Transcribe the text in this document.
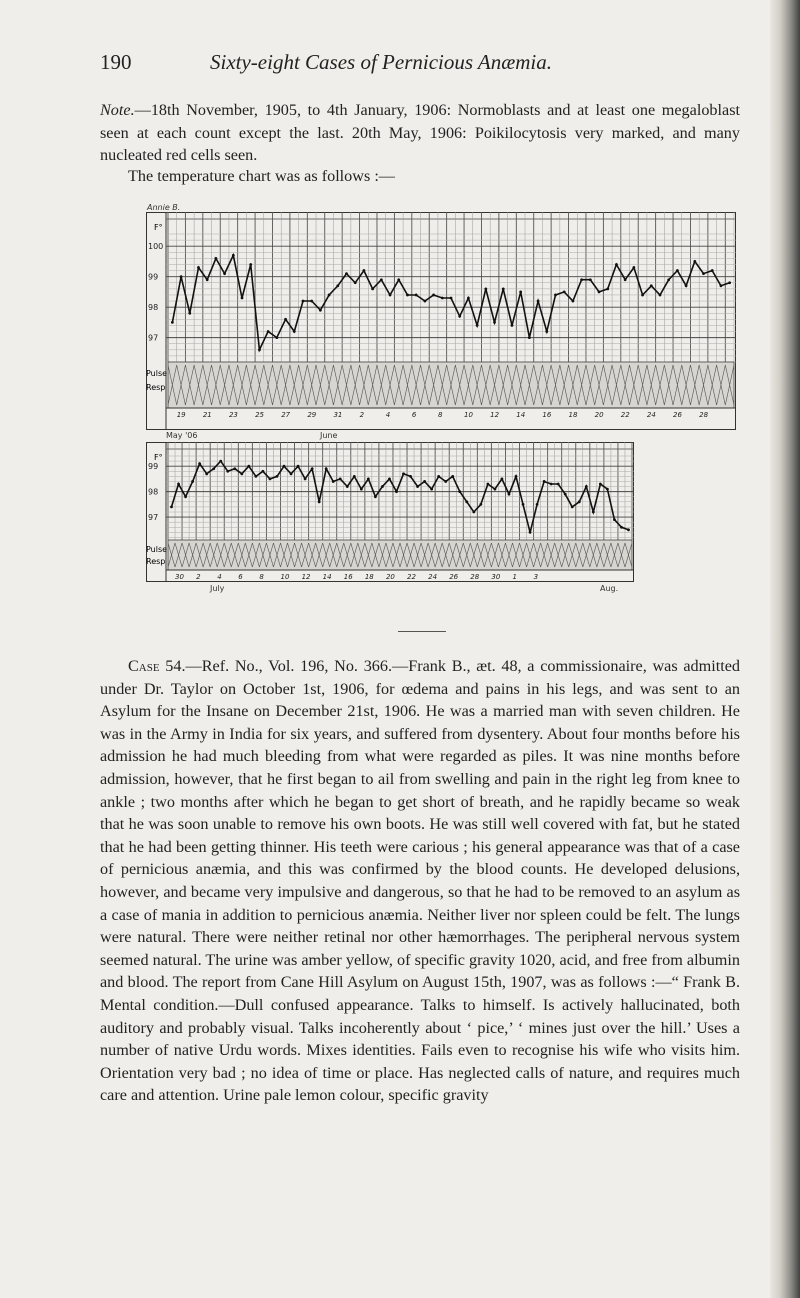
190	Sixty-eight Cases of Pernicious Anæmia.

Note.—18th November, 1905, to 4th January, 1906: Normoblasts and at least one megaloblast seen at each count except the last. 20th May, 1906: Poikilocytosis very marked, and many nucleated red cells seen.

The temperature chart was as follows :—
Annie B.
F°
Pulse
Resp
100
99
98
97
19 21 23 25 27 29 31 2	4	6	8	10 12 14 16 18 20 22 24 26 28
May '06	June
F°
Pulse
Resp
99
98
97
30 2 4 6 8 10 12 14 16 18 20 22 24 26 28 30 1 3
July	Aug.

Case 54.—Ref. No., Vol. 196, No. 366.—Frank B., æt. 48, a commissionaire, was admitted under Dr. Taylor on October 1st, 1906, for œdema and pains in his legs, and was sent to an Asylum for the Insane on December 21st, 1906. He was a married man with seven children. He was in the Army in India for six years, and suffered from dysentery. About four months before his admission he had much bleeding from what were regarded as piles. It was nine months before admission, however, that he first began to ail from swelling and pain in the right leg from knee to ankle ; two months after which he began to get short of breath, and he rapidly became so weak that he was soon unable to remove his own boots. He was still well covered with fat, but he stated that he had been getting thinner. His teeth were carious ; his general appearance was that of a case of pernicious anæmia, and this was confirmed by the blood counts. He developed delusions, however, and became very impulsive and dangerous, so that he had to be removed to an asylum as a case of mania in addition to pernicious anæmia. Neither liver nor spleen could be felt. The lungs were natural. There were neither retinal nor other hæmorrhages. The peripheral nervous system seemed natural. The urine was amber yellow, of specific gravity 1020, acid, and free from albumin and blood. The report from Cane Hill Asylum on August 15th, 1907, was as follows :—“ Frank B. Mental condition.—Dull confused appearance. Talks to himself. Is actively hallucinated, both auditory and probably visual. Talks incoherently about ‘ pice,’ ‘ mines just over the hill.’ Uses a number of native Urdu words. Mixes identities. Fails even to recognise his wife who visits him. Orientation very bad ; no idea of time or place. Has neglected calls of nature, and requires much care and attention. Urine pale lemon colour, specific gravity
